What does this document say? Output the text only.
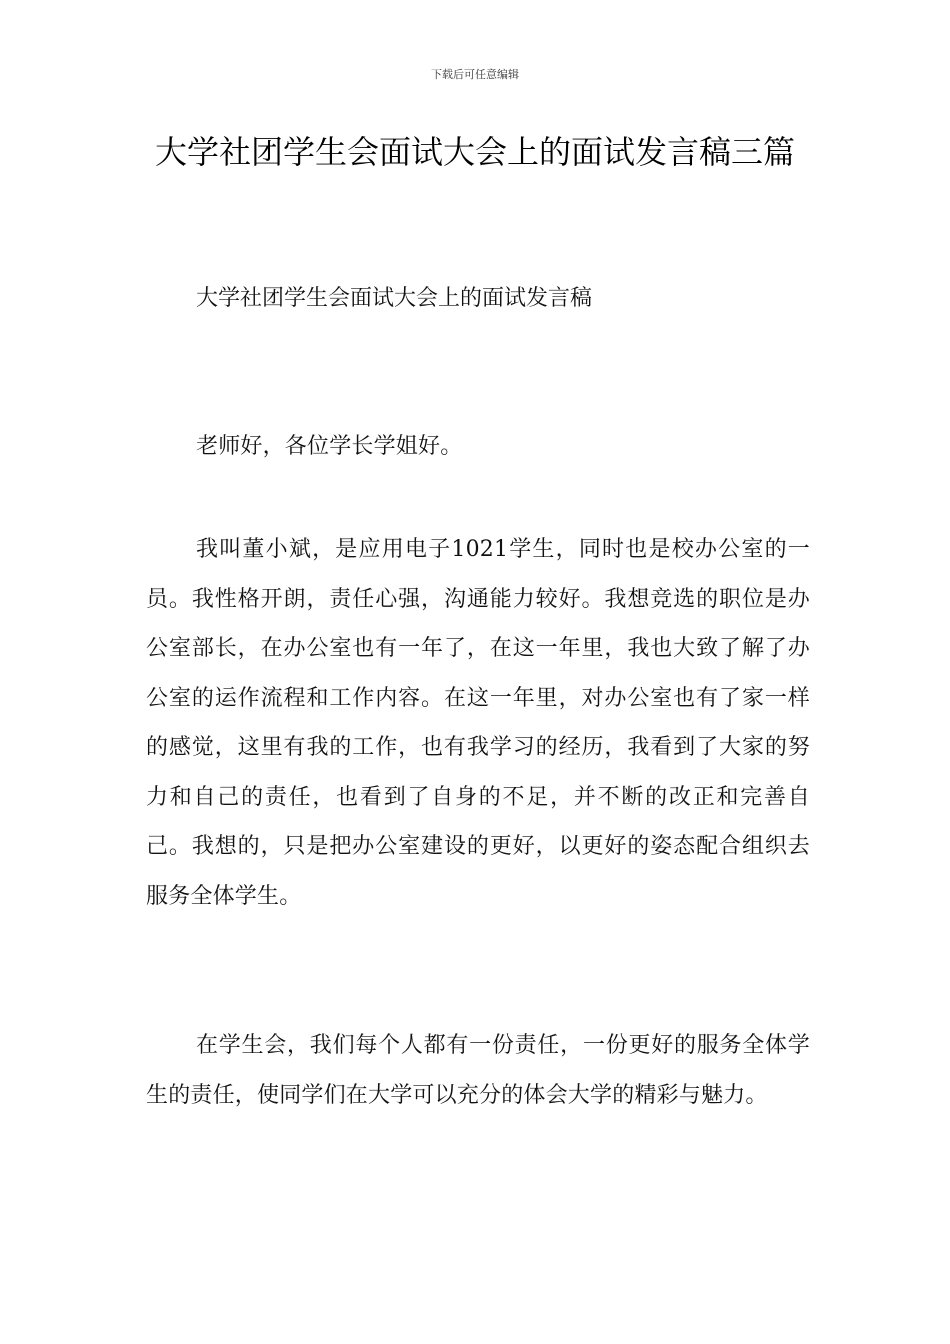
下载后可任意编辑
大学社团学生会面试大会上的面试发言稿三篇

大学社团学生会面试大会上的面试发言稿

老师好，各位学长学姐好。

我叫董小斌，是应用电子1021学生，同时也是校办公室的一员。我性格开朗，责任心强，沟通能力较好。我想竞选的职位是办公室部长，在办公室也有一年了，在这一年里，我也大致了解了办公室的运作流程和工作内容。在这一年里，对办公室也有了家一样的感觉，这里有我的工作，也有我学习的经历，我看到了大家的努力和自己的责任，也看到了自身的不足，并不断的改正和完善自己。我想的，只是把办公室建设的更好，以更好的姿态配合组织去服务全体学生。

在学生会，我们每个人都有一份责任，一份更好的服务全体学生的责任，使同学们在大学可以充分的体会大学的精彩与魅力。
